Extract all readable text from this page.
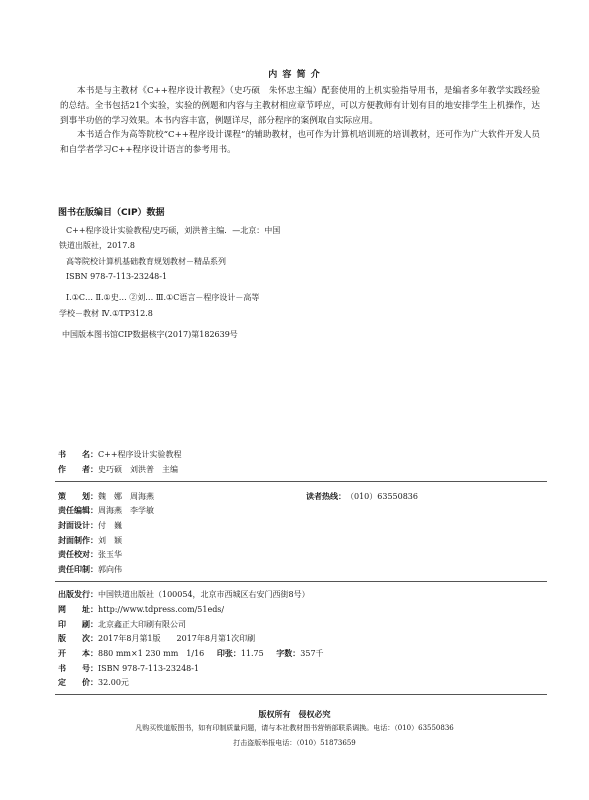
内 容 简 介
本书是与主教材《C++程序设计教程》（史巧硕　朱怀忠主编）配套使用的上机实验指导用书，是编者多年教学实践经验的总结。全书包括21个实验，实验的例题和内容与主教材相应章节呼应，可以方便教师有计划有目的地安排学生上机操作，达到事半功倍的学习效果。本书内容丰富，例题详尽，部分程序的案例取自实际应用。
本书适合作为高等院校“C++程序设计课程”的辅助教材，也可作为计算机培训班的培训教材，还可作为广大软件开发人员和自学者学习C++程序设计语言的参考用书。
图书在版编目（CIP）数据
C++程序设计实验教程/史巧硕，刘洪普主编．—北京：中国
铁道出版社，2017.8
高等院校计算机基础教育规划教材－精品系列
ISBN 978-7-113-23248-1
Ⅰ.①C… Ⅱ.①史… ②刘… Ⅲ.①C语言－程序设计－高等
学校－教材 Ⅳ.①TP312.8
中国版本图书馆CIP数据核字(2017)第182639号
书　　名：C++程序设计实验教程
作　　者：史巧硕　刘洪普　主编
策　　划：魏　娜　周海燕	读者热线：（010）63550836
责任编辑：周海燕　李学敏
封面设计：付　巍
封面制作：刘　颖
责任校对：张玉华
责任印制：郭向伟
出版发行：中国铁道出版社（100054，北京市西城区右安门西街8号）
网　　址：http://www.tdpress.com/51eds/
印　　刷：北京鑫正大印刷有限公司
版　　次：2017年8月第1版　　2017年8月第1次印刷
开　　本：880 mm×1 230 mm　1/16 印张：11.75 字数：357千
书　　号：ISBN 978-7-113-23248-1
定　　价：32.00元
版权所有　侵权必究
凡购买铁道版图书，如有印制质量问题，请与本社教材图书营销部联系调换。电话：（010）63550836
打击盗版举报电话：（010）51873659
